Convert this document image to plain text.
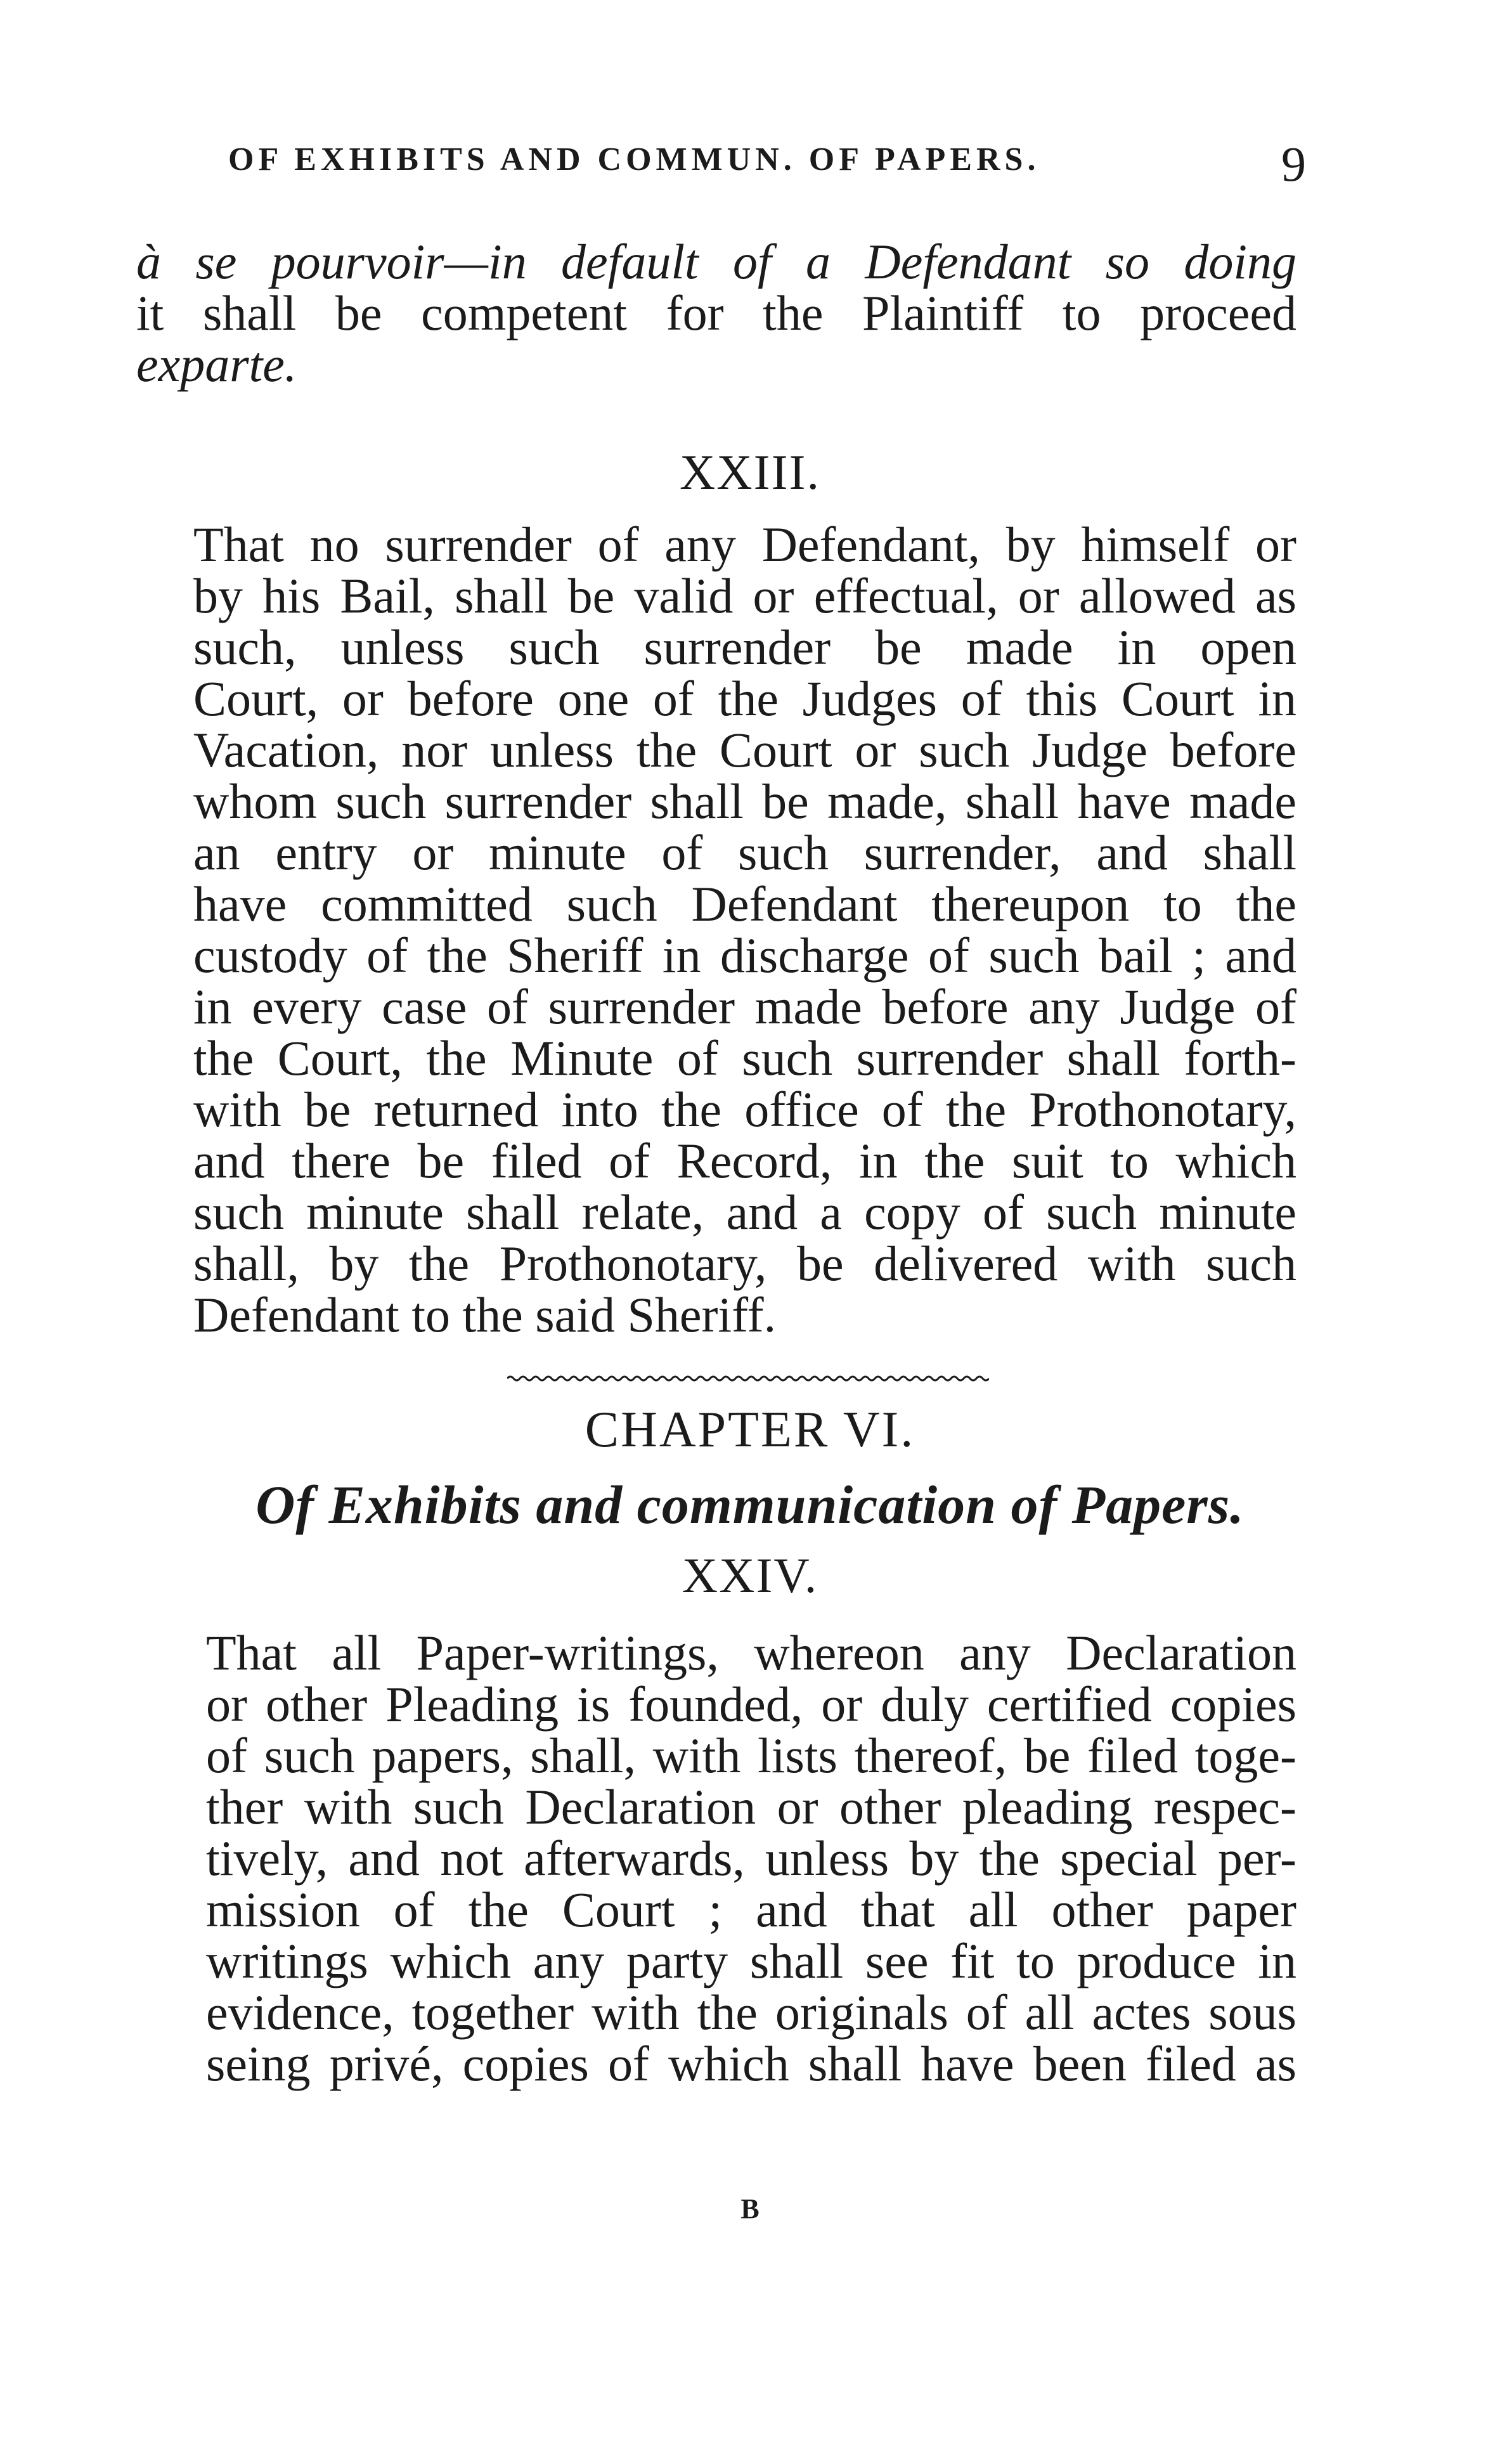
OF EXHIBITS AND COMMUN. OF PAPERS.	9
à se pourvoir—in default of a Defendant so doing
it shall be competent for the Plaintiff to proceed
exparte.
XXIII.
That no surrender of any Defendant, by himself or
by his Bail, shall be valid or effectual, or allowed as
such, unless such surrender be made in open
Court, or before one of the Judges of this Court in
Vacation, nor unless the Court or such Judge before
whom such surrender shall be made, shall have made
an entry or minute of such surrender, and shall
have committed such Defendant thereupon to the
custody of the Sheriff in discharge of such bail ; and
in every case of surrender made before any Judge of
the Court, the Minute of such surrender shall forth-
with be returned into the office of the Prothonotary,
and there be filed of Record, in the suit to which
such minute shall relate, and a copy of such minute
shall, by the Prothonotary, be delivered with such
Defendant to the said Sheriff.
CHAPTER VI.
Of Exhibits and communication of Papers.
XXIV.
That all Paper-writings, whereon any Declaration
or other Pleading is founded, or duly certified copies
of such papers, shall, with lists thereof, be filed toge-
ther with such Declaration or other pleading respec-
tively, and not afterwards, unless by the special per-
mission of the Court ; and that all other paper
writings which any party shall see fit to produce in
evidence, together with the originals of all actes sous
seing privé, copies of which shall have been filed as
B
